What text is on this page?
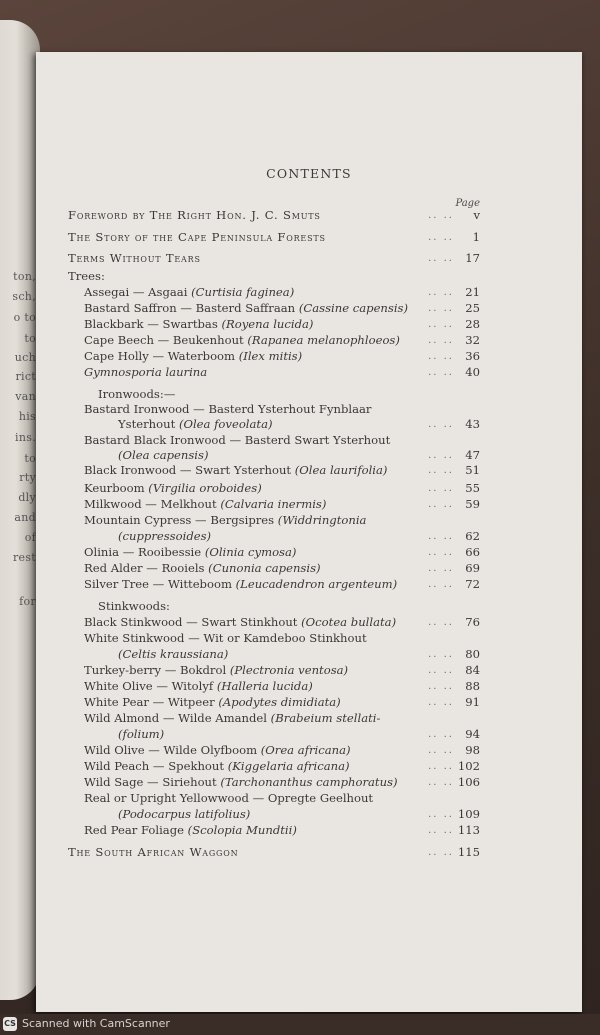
ton,
sch,
o to
to
uch
rict
van
his
ins.
to
rty
dly
and
of
rest
for
CONTENTS
Page
Foreword by The Right Hon. J. C. Smuts	.. .. v
The Story of the Cape Peninsula Forests	.. .. 1
Terms Without Tears	.. .. 17
Trees:
Assegai — Asgaai (Curtisia faginea)	.. .. 21
Bastard Saffron — Basterd Saffraan (Cassine capensis) .. .. 25
Blackbark — Swartbas (Royena lucida)	.. .. 28
Cape Beech — Beukenhout (Rapanea melanophloeos)	.. .. 32
Cape Holly — Waterboom (Ilex mitis)	.. .. 36
Gymnosporia laurina	.. .. 40
Ironwoods:—
Bastard Ironwood — Basterd Ysterhout Fynblaar
Ysterhout (Olea foveolata)	.. .. 43
Bastard Black Ironwood — Basterd Swart Ysterhout
(Olea capensis)	.. .. 47
Black Ironwood — Swart Ysterhout (Olea laurifolia)	.. .. 51
Keurboom (Virgilia oroboides)	.. .. 55
Milkwood — Melkhout (Calvaria inermis)	.. .. 59
Mountain Cypress — Bergsipres (Widdringtonia
(cuppressoides)	.. .. 62
Olinia — Rooibessie (Olinia cymosa)	.. .. 66
Red Alder — Rooiels (Cunonia capensis)	.. .. 69
Silver Tree — Witteboom (Leucadendron argenteum)	.. .. 72
Stinkwoods:
Black Stinkwood — Swart Stinkhout (Ocotea bullata)	.. .. 76
White Stinkwood — Wit or Kamdeboo Stinkhout
(Celtis kraussiana)	.. .. 80
Turkey-berry — Bokdrol (Plectronia ventosa)	.. .. 84
White Olive — Witolyf (Halleria lucida)	.. .. 88
White Pear — Witpeer (Apodytes dimidiata)	.. .. 91
Wild Almond — Wilde Amandel (Brabeium stellati-
(folium)	.. .. 94
Wild Olive — Wilde Olyfboom (Orea africana)	.. .. 98
Wild Peach — Spekhout (Kiggelaria africana)	.. .. 102
Wild Sage — Siriehout (Tarchonanthus camphoratus)	.. .. 106
Real or Upright Yellowwood — Opregte Geelhout
(Podocarpus latifolius)	.. .. 109
Red Pear Foliage (Scolopia Mundtii)	.. .. 113
The South African Waggon	.. .. 115
CS Scanned with CamScanner
